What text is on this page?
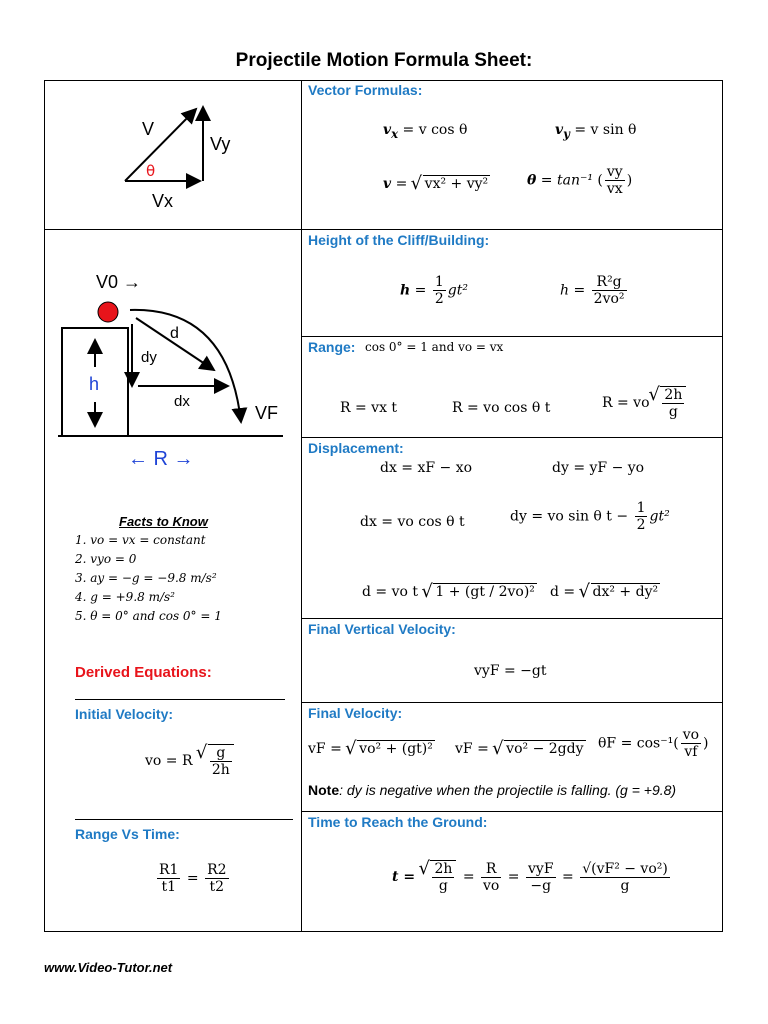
Projectile Motion Formula Sheet:
V
Vy
θ
Vx
Vector Formulas:
$v_x = v$ cos θ	$v_y = v$ sin θ
v =   √ vx² + vy²	θ = tan⁻¹ ( $\frac{vy}{vx}$ )
V0 →
h
d
dy
dx
VF
← R →
Height of the Cliff/Building:
$h = \frac{1}{2} gt^2$	$h = \frac{\text{R²g}}{\text{2vo²}}$
Range: cos 0° = 1 and vo = vx
R = vx t	R = vo cos θ t	R = vo √ $\frac{2h}{g}$
Displacement:
dx = xF − xo	dy = yF − yo
dx = vo cos θ t	dy = vo sin θ $t - \frac{1}{2} gt^2$
d = vo t √ 1 + (gt / 2vo)² d = √ dx² + dy²
Final Vertical Velocity:
vyF = −gt
Final Velocity:
vF = √ vo² + (gt)² vF = √ vo² − 2gdy $\theta F = \cos^{-1}( \frac{vo}{vf}$ )
Note: dy is negative when the projectile is falling. (g = +9.8)
Time to Reach the Ground:
t = √ $\frac{2h}{g} = \frac{R}{vo} = \frac{\text{vyF}}{-g} = \frac{\text{√(vF² − vo²)}}{g}$
Facts to Know
1. vo = vx = constant
2. vyo = 0
3. ay = −g = −9.8 m/s²
4. g = +9.8 m/s²
5. θ = 0° and cos 0° = 1
Derived Equations:
Initial Velocity:
vo = R √ $\frac{g}{2h}$
Range Vs Time:
$\frac{R1}{t1} = \frac{R2}{t2}$
www.Video-Tutor.net
